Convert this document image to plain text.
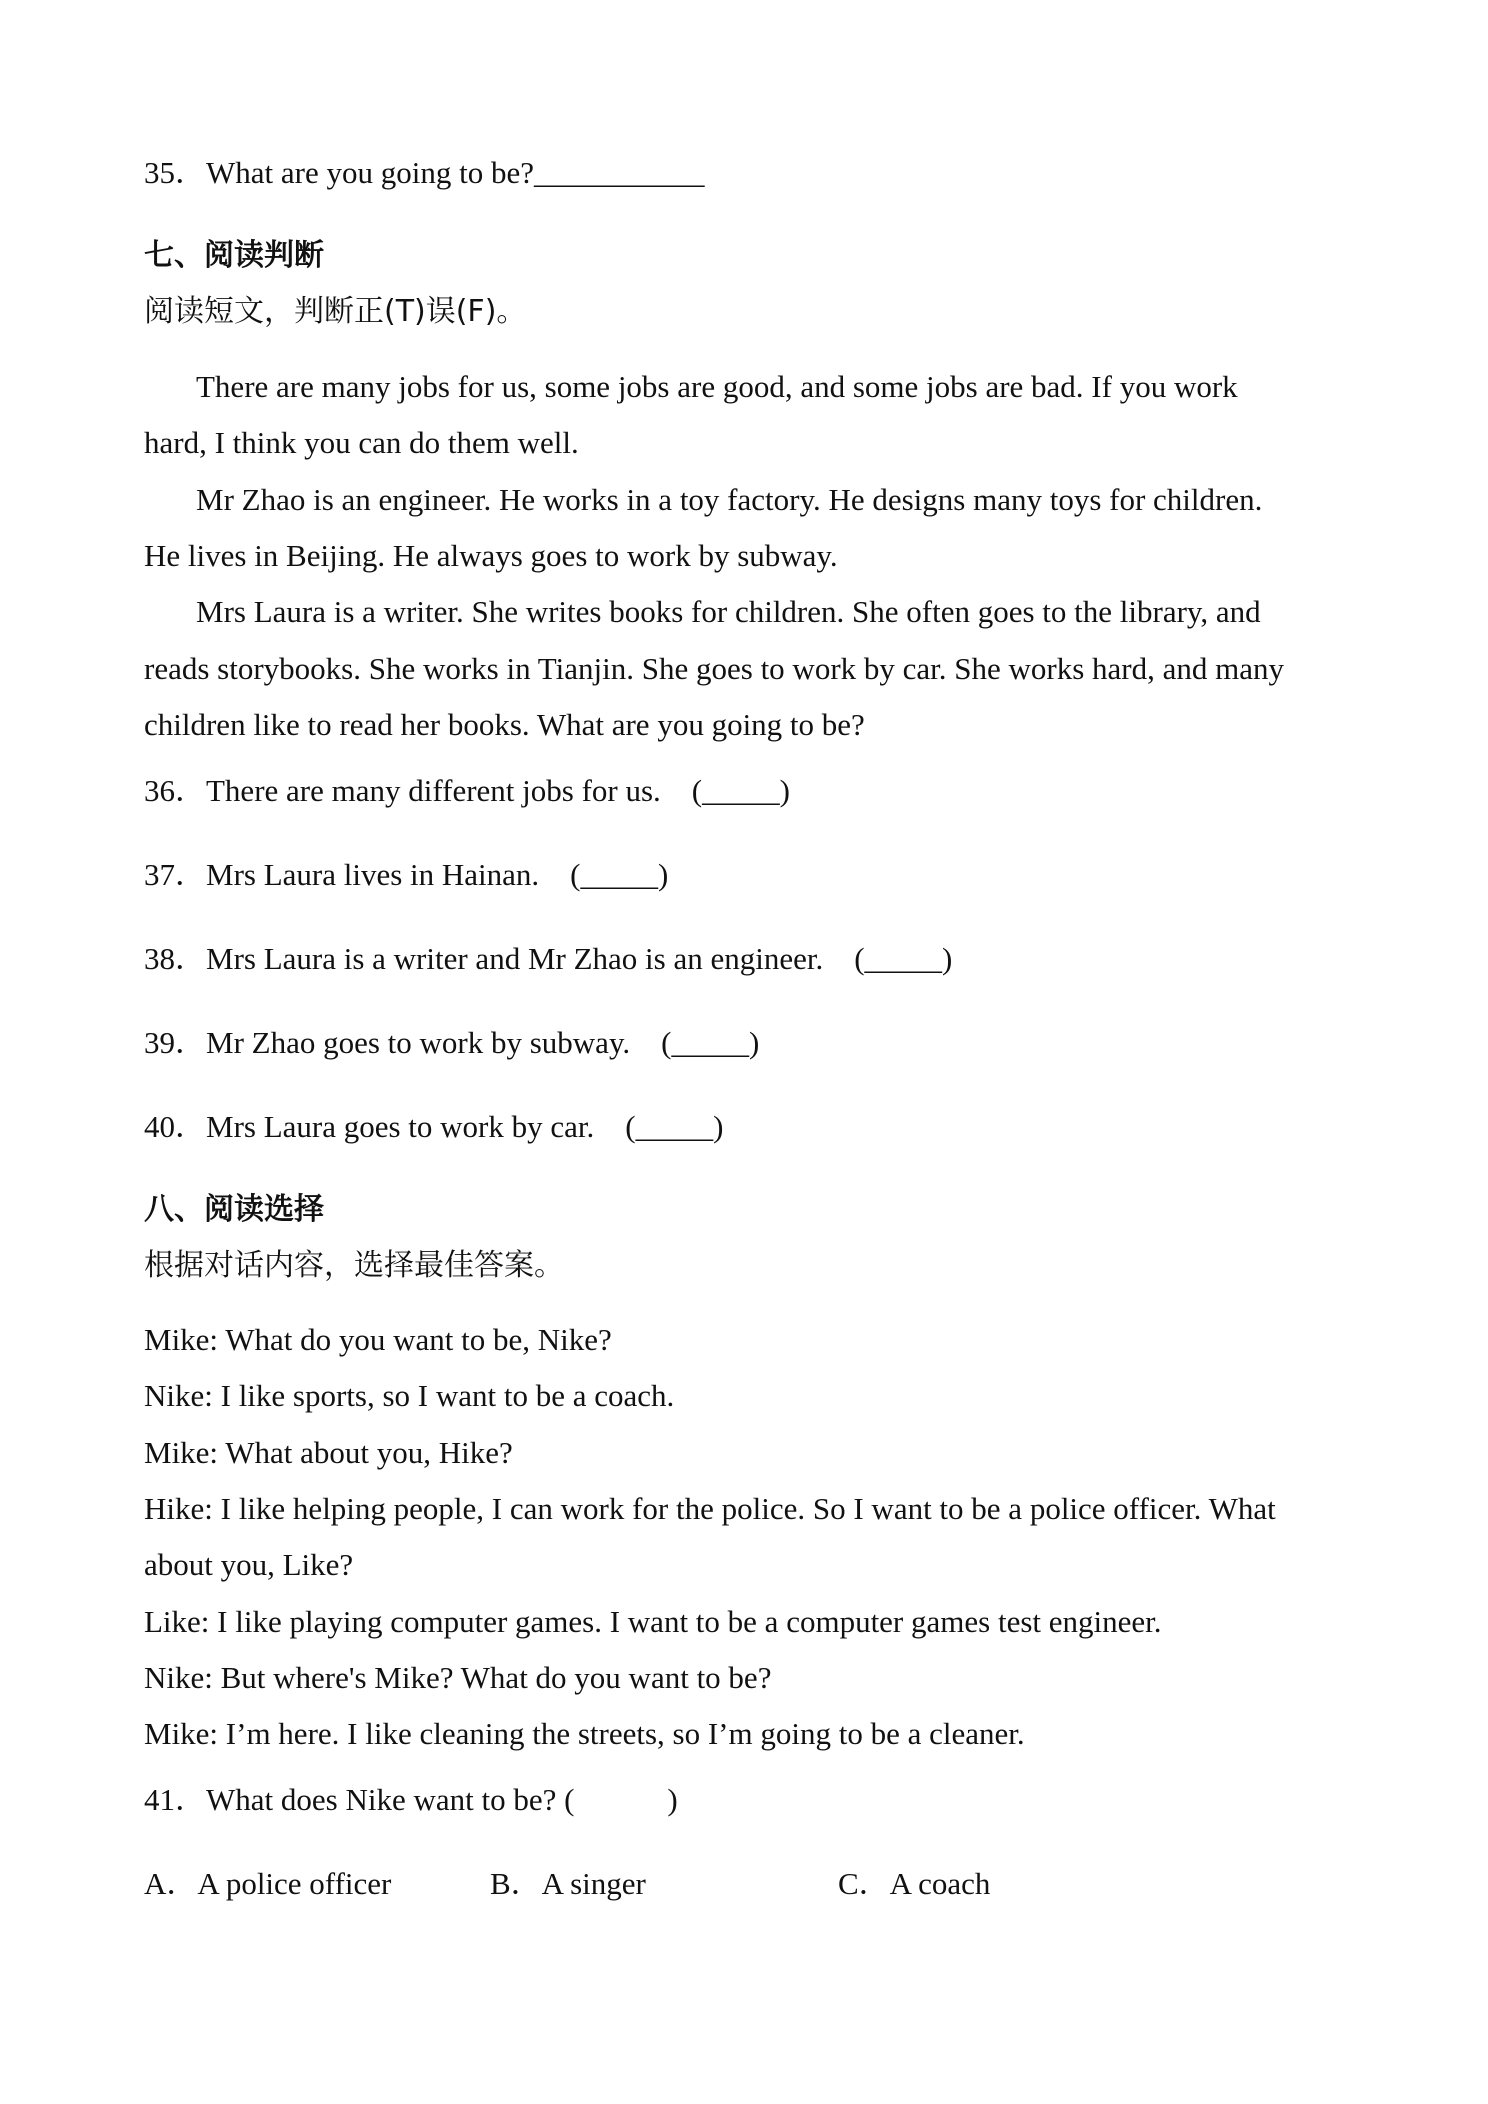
35．What are you going to be?___________
七、阅读判断
阅读短文，判断正(T)误(F)。
There are many jobs for us, some jobs are good, and some jobs are bad. If you work
hard, I think you can do them well.
Mr Zhao is an engineer. He works in a toy factory. He designs many toys for children.
He lives in Beijing. He always goes to work by subway.
Mrs Laura is a writer. She writes books for children. She often goes to the library, and
reads storybooks. She works in Tianjin. She goes to work by car. She works hard, and many
children like to read her books. What are you going to be?
36．There are many different jobs for us.　(_____)
37．Mrs Laura lives in Hainan.　(_____)
38．Mrs Laura is a writer and Mr Zhao is an engineer.　(_____)
39．Mr Zhao goes to work by subway.　(_____)
40．Mrs Laura goes to work by car.　(_____)
八、阅读选择
根据对话内容，选择最佳答案。
Mike: What do you want to be, Nike?
Nike: I like sports, so I want to be a coach.
Mike: What about you, Hike?
Hike: I like helping people, I can work for the police. So I want to be a police officer. What
about you, Like?
Like: I like playing computer games. I want to be a computer games test engineer.
Nike: But where's Mike? What do you want to be?
Mike: I’m here. I like cleaning the streets, so I’m going to be a cleaner.
41．What does Nike want to be? (　　　)
A．A police officer	B．A singer	C．A coach
